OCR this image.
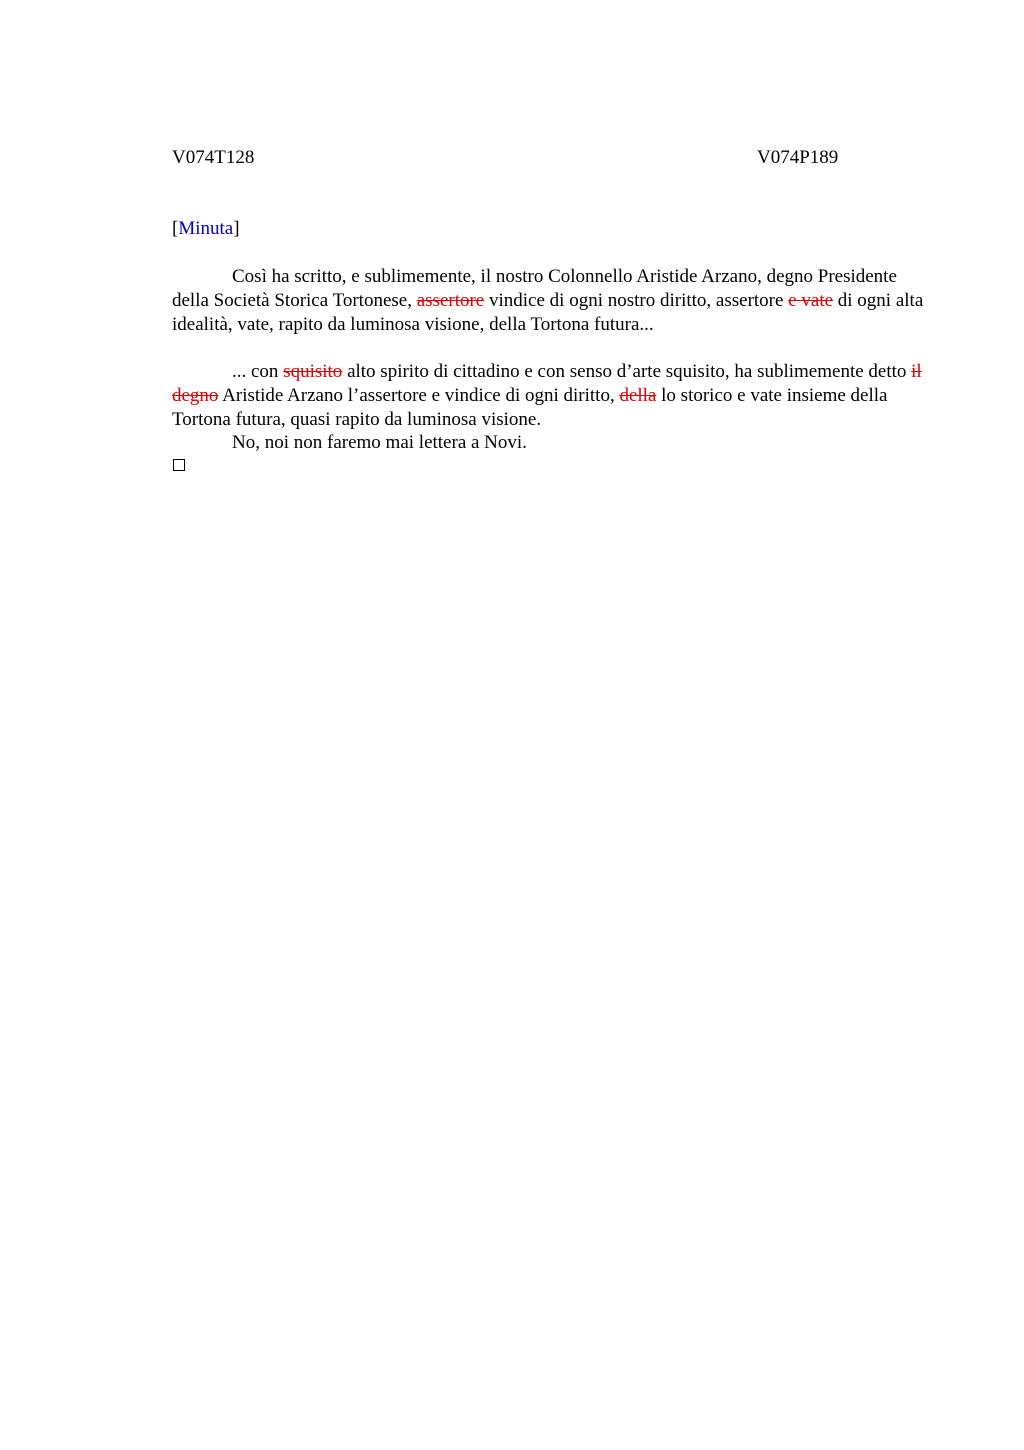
V074T128	V074P189
[Minuta]

Così ha scritto, e sublimemente, il nostro Colonnello Aristide Arzano, degno Presidente della Società Storica Tortonese, assertore vindice di ogni nostro diritto, assertore e vate di ogni alta idealità, vate, rapito da luminosa visione, della Tortona futura...

... con squisito alto spirito di cittadino e con senso d’arte squisito, ha sublimemente detto il degno Aristide Arzano l’assertore e vindice di ogni diritto, della lo storico e vate insieme della Tortona futura, quasi rapito da luminosa visione.

No, noi non faremo mai lettera a Novi.
